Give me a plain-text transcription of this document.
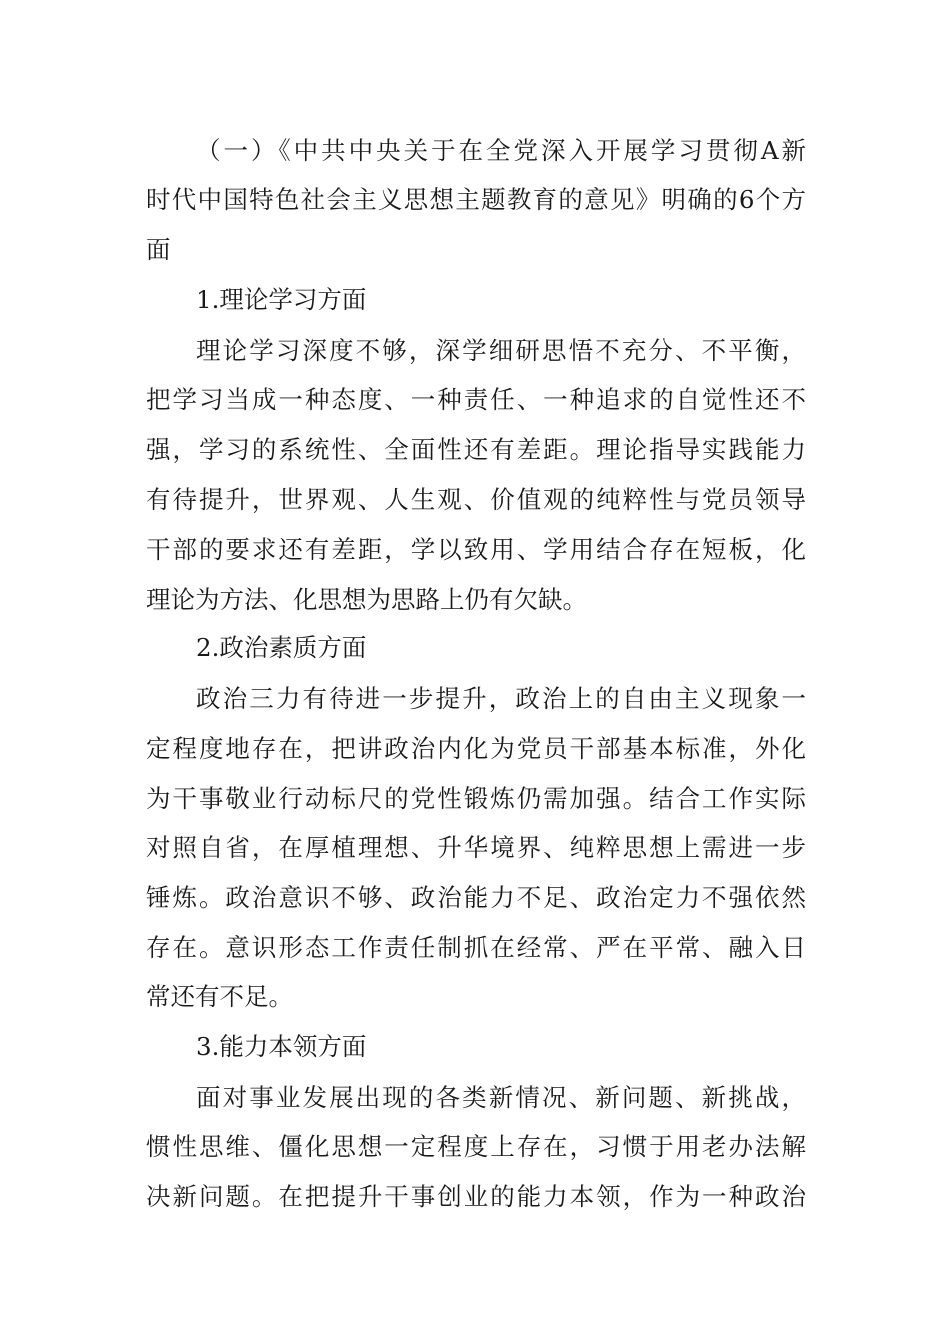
（一）《中共中央关于在全党深入开展学习贯彻A新
时代中国特色社会主义思想主题教育的意见》明确的6个方
面
1.理论学习方面
理论学习深度不够，深学细研思悟不充分、不平衡，
把学习当成一种态度、一种责任、一种追求的自觉性还不
强，学习的系统性、全面性还有差距。理论指导实践能力
有待提升，世界观、人生观、价值观的纯粹性与党员领导
干部的要求还有差距，学以致用、学用结合存在短板，化
理论为方法、化思想为思路上仍有欠缺。
2.政治素质方面
政治三力有待进一步提升，政治上的自由主义现象一
定程度地存在，把讲政治内化为党员干部基本标准，外化
为干事敬业行动标尺的党性锻炼仍需加强。结合工作实际
对照自省，在厚植理想、升华境界、纯粹思想上需进一步
锤炼。政治意识不够、政治能力不足、政治定力不强依然
存在。意识形态工作责任制抓在经常、严在平常、融入日
常还有不足。
3.能力本领方面
面对事业发展出现的各类新情况、新问题、新挑战，
惯性思维、僵化思想一定程度上存在，习惯于用老办法解
决新问题。在把提升干事创业的能力本领，作为一种政治
